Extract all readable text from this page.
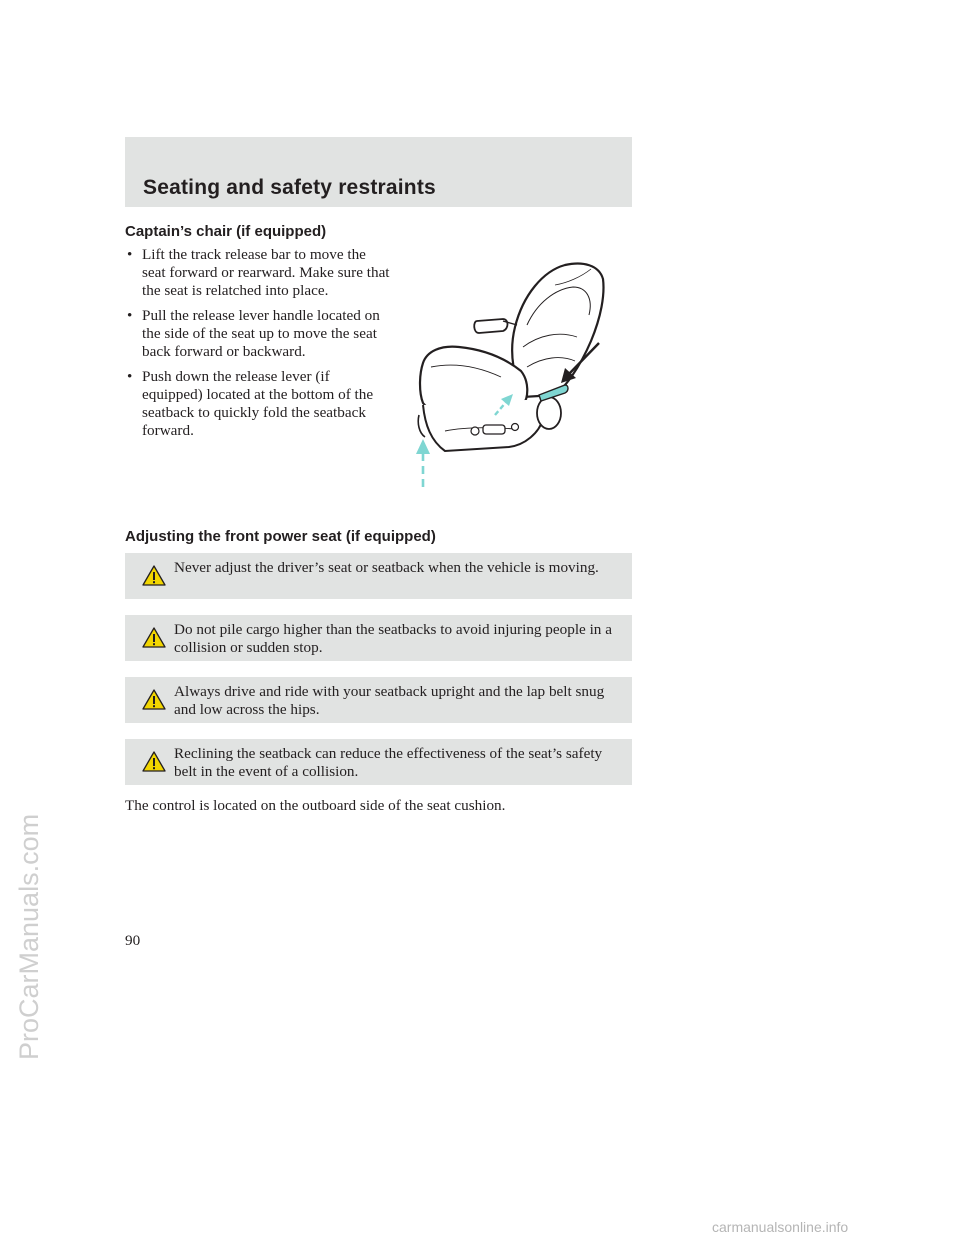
Seating and safety restraints
Captain’s chair (if equipped)
• Lift the track release bar to move the seat forward or rearward. Make sure that the seat is relatched into place.
• Pull the release lever handle located on the side of the seat up to move the seat back forward or backward.
• Push down the release lever (if equipped) located at the bottom of the seatback to quickly fold the seatback forward.
Adjusting the front power seat (if equipped)
Never adjust the driver’s seat or seatback when the vehicle is moving.
Do not pile cargo higher than the seatbacks to avoid injuring people in a collision or sudden stop.
Always drive and ride with your seatback upright and the lap belt snug and low across the hips.
Reclining the seatback can reduce the effectiveness of the seat’s safety belt in the event of a collision.
The control is located on the outboard side of the seat cushion.
90
ProCarManuals.com
carmanualsonline.info
